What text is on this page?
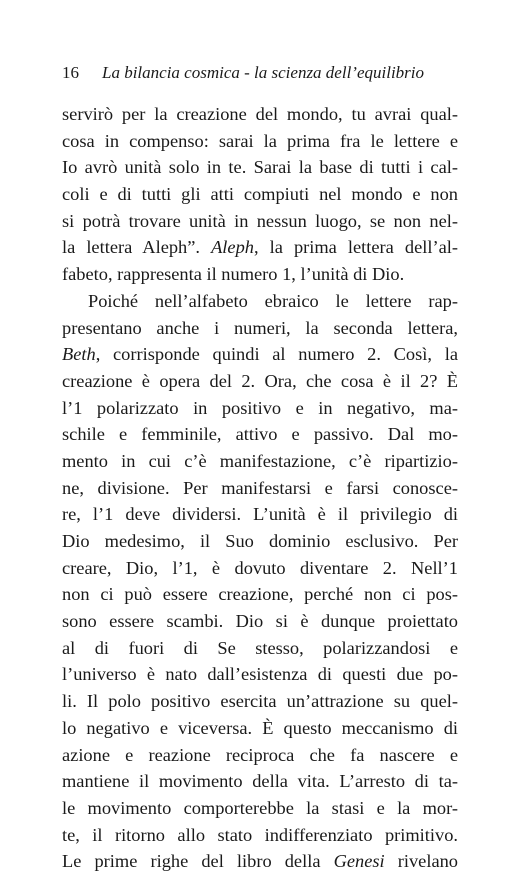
16 La bilancia cosmica - la scienza dell’equilibrio
servirò per la creazione del mondo, tu avrai qual-
cosa in compenso: sarai la prima fra le lettere e
Io avrò unità solo in te. Sarai la base di tutti i cal-
coli e di tutti gli atti compiuti nel mondo e non
si potrà trovare unità in nessun luogo, se non nel-
la lettera Aleph”. Aleph, la prima lettera dell’al-
fabeto, rappresenta il numero 1, l’unità di Dio.
Poiché nell’alfabeto ebraico le lettere rap-
presentano anche i numeri, la seconda lettera,
Beth, corrisponde quindi al numero 2. Così, la
creazione è opera del 2. Ora, che cosa è il 2? È
l’1 polarizzato in positivo e in negativo, ma-
schile e femminile, attivo e passivo. Dal mo-
mento in cui c’è manifestazione, c’è ripartizio-
ne, divisione. Per manifestarsi e farsi conosce-
re, l’1 deve dividersi. L’unità è il privilegio di
Dio medesimo, il Suo dominio esclusivo. Per
creare, Dio, l’1, è dovuto diventare 2. Nell’1
non ci può essere creazione, perché non ci pos-
sono essere scambi. Dio si è dunque proiettato
al di fuori di Se stesso, polarizzandosi e
l’universo è nato dall’esistenza di questi due po-
li. Il polo positivo esercita un’attrazione su quel-
lo negativo e viceversa. È questo meccanismo di
azione e reazione reciproca che fa nascere e
mantiene il movimento della vita. L’arresto di ta-
le movimento comporterebbe la stasi e la mor-
te, il ritorno allo stato indifferenziato primitivo.
Le prime righe del libro della Genesi rivelano
